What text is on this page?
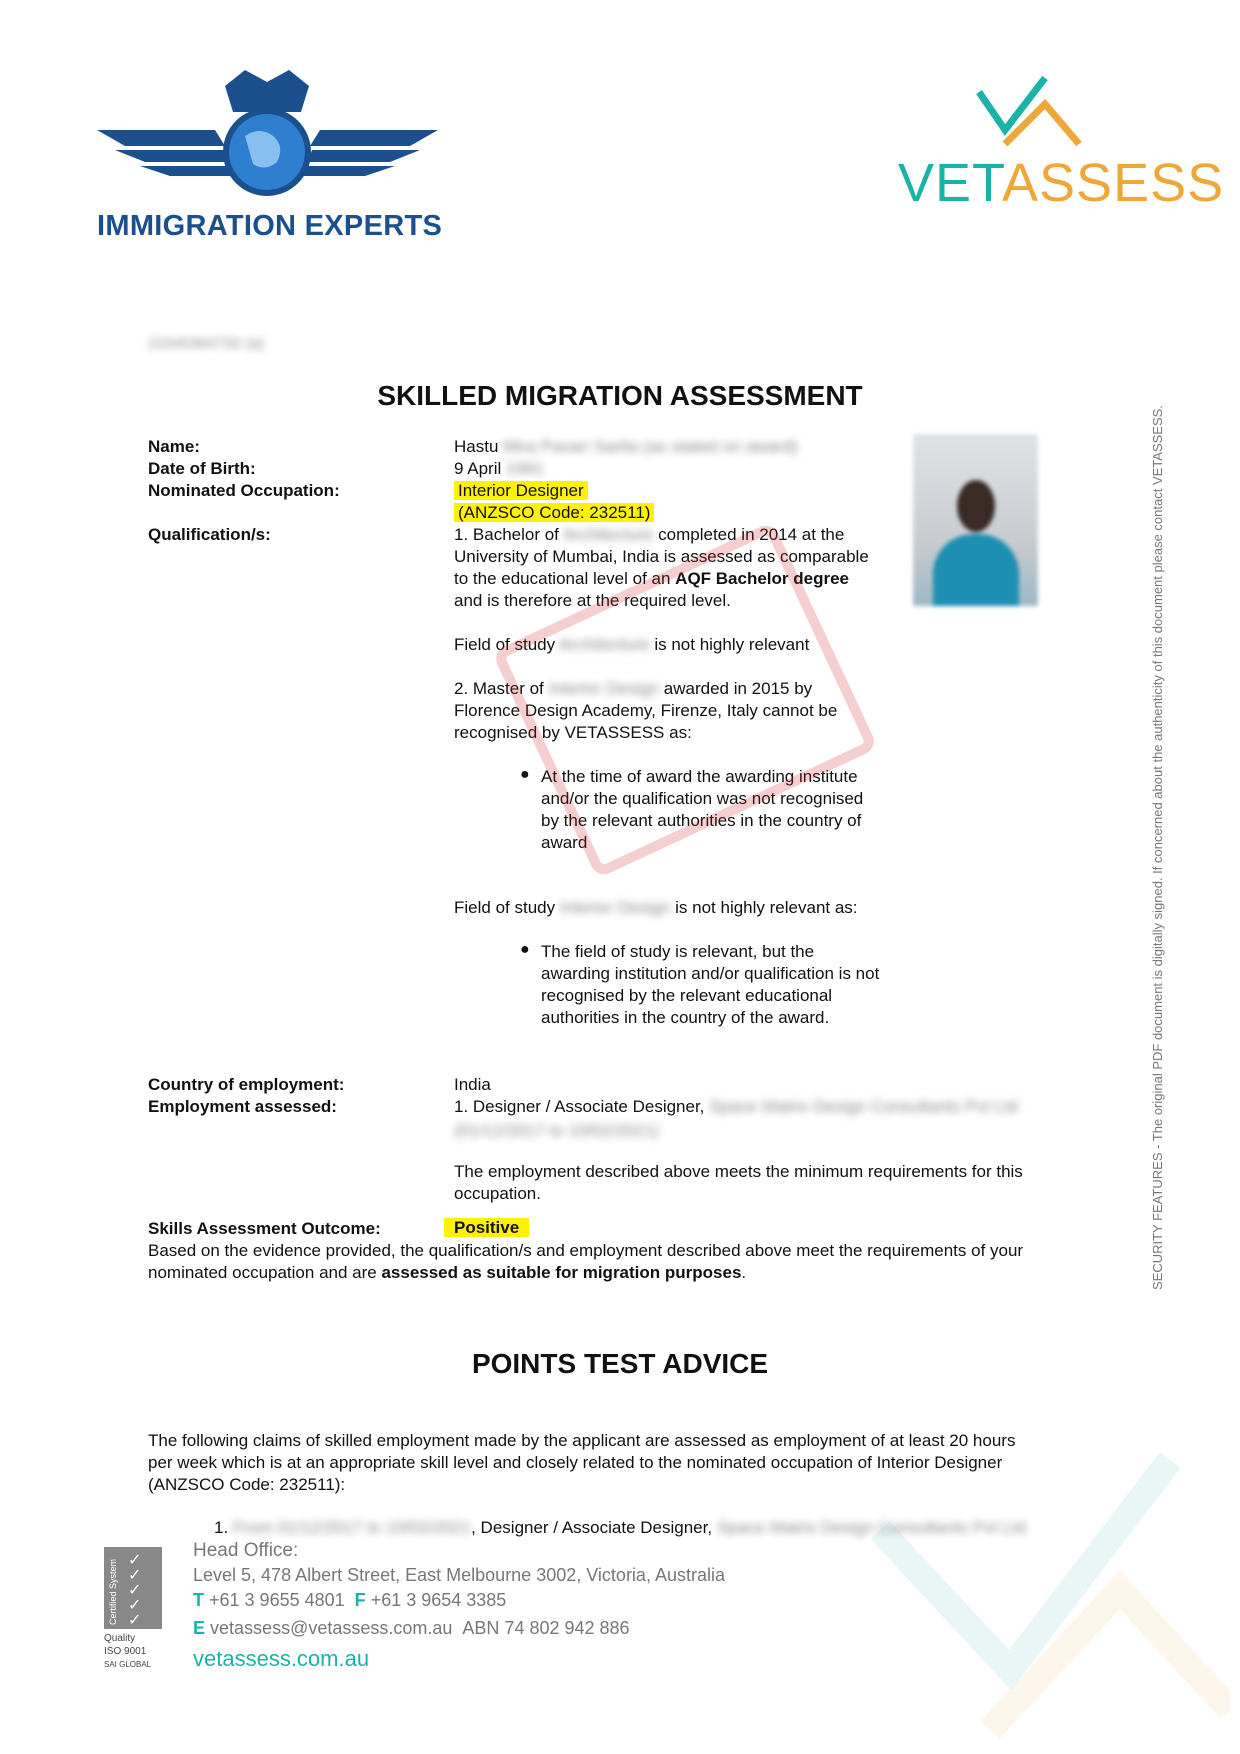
IMMIGRATION EXPERTS
VETASSESS
2154536473S (a)
SKILLED MIGRATION ASSESSMENT
Name:
Date of Birth:
Nominated Occupation:
Qualification/s:
Hastu Mira Pavan Sarita (as stated on award)
9 April 1991
Interior Designer
(ANZSCO Code: 232511)
1. Bachelor of Architecture completed in 2014 at the
University of Mumbai, India is assessed as comparable
to the educational level of an AQF Bachelor degree
and is therefore at the required level.
Field of study Architecture is not highly relevant
2. Master of Interior Design awarded in 2015 by
Florence Design Academy, Firenze, Italy cannot be
recognised by VETASSESS as:
● At the time of award the awarding institute
and/or the qualification was not recognised
by the relevant authorities in the country of
award
Field of study Interior Design is not highly relevant as:
● The field of study is relevant, but the
awarding institution and/or qualification is not
recognised by the relevant educational
authorities in the country of the award.
Country of employment:
Employment assessed:
India
1. Designer / Associate Designer, Space Matrix Design Consultants Pvt Ltd
(01/12/2017 to 10/02/2021)
The employment described above meets the minimum requirements for this
occupation.
Skills Assessment Outcome:	Positive
Based on the evidence provided, the qualification/s and employment described above meet the requirements of your
nominated occupation and are assessed as suitable for migration purposes.
POINTS TEST ADVICE
The following claims of skilled employment made by the applicant are assessed as employment of at least 20 hours
per week which is at an appropriate skill level and closely related to the nominated occupation of Interior Designer
(ANZSCO Code: 232511):
1. From 01/12/2017 to 10/02/2021, Designer / Associate Designer, Space Matrix Design Consultants Pvt Ltd
SECURITY FEATURES - The original PDF document is digitally signed. If concerned about the authenticity of this document please contact VETASSESS.
Certified System ✓
✓
✓
✓
✓
Quality
ISO 9001
SAI GLOBAL
Head Office:
Level 5, 478 Albert Street, East Melbourne 3002, Victoria, Australia
T +61 3 9655 4801 F +61 3 9654 3385
E vetassess@vetassess.com.au ABN 74 802 942 886
vetassess.com.au
